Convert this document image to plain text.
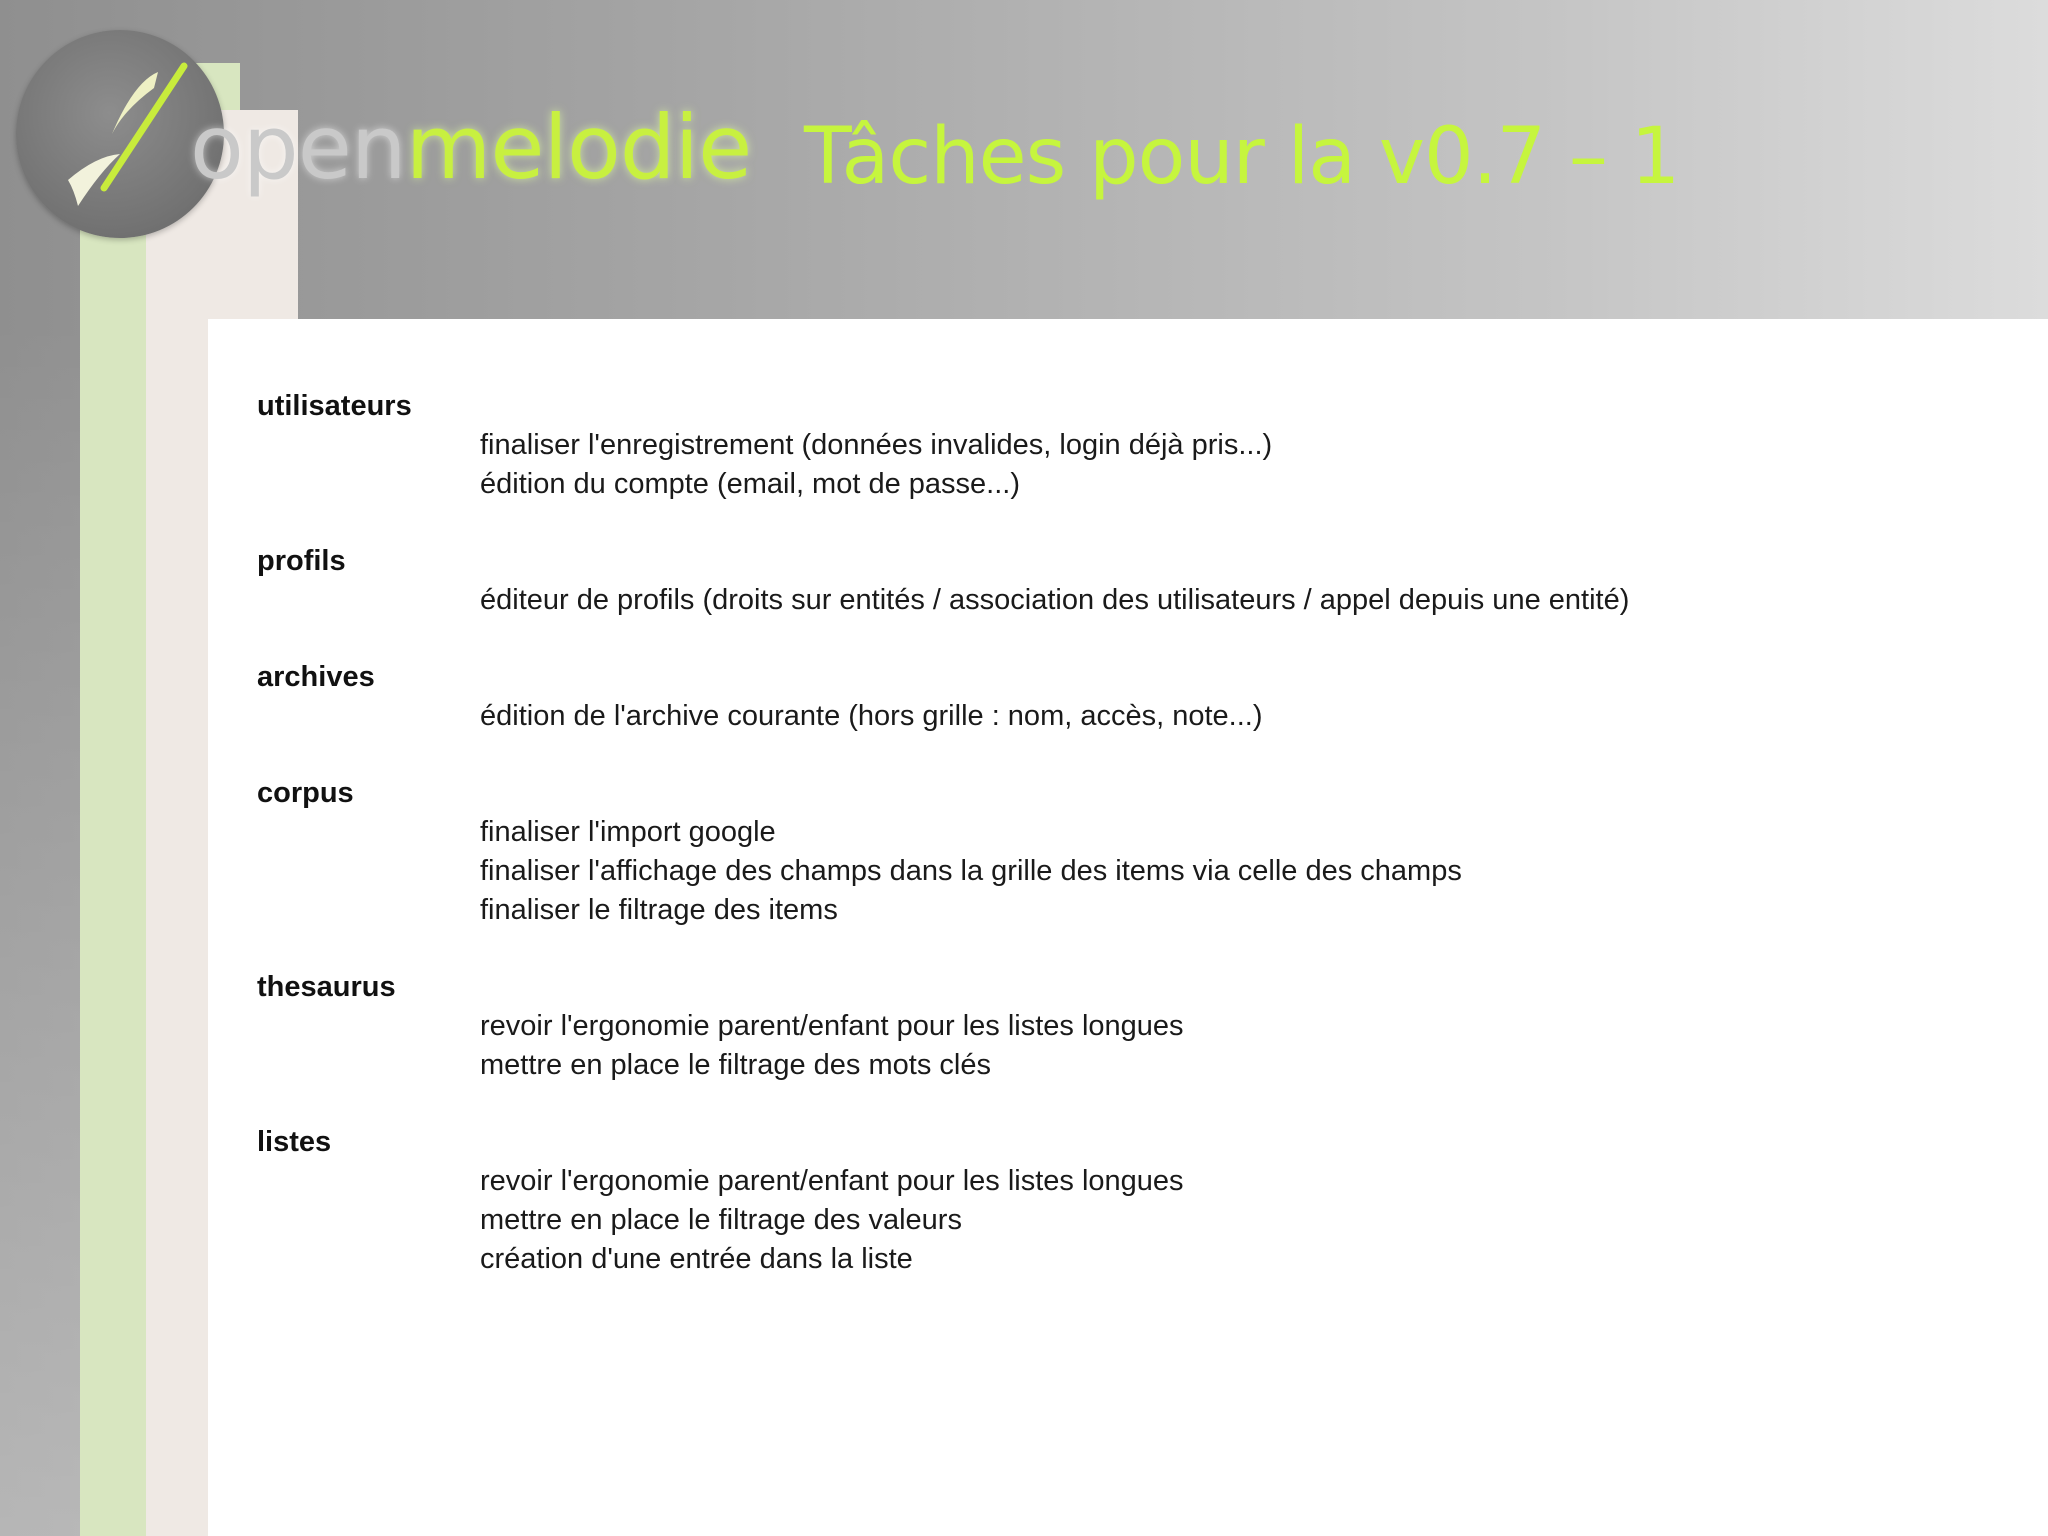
openmelodie Tâches pour la v0.7 – 1
utilisateurs
finaliser l'enregistrement (données invalides, login déjà pris...)
édition du compte (email, mot de passe...)
profils
éditeur de profils (droits sur entités / association des utilisateurs / appel depuis une entité)
archives
édition de l'archive courante (hors grille : nom, accès, note...)
corpus
finaliser l'import google
finaliser l'affichage des champs dans la grille des items via celle des champs
finaliser le filtrage des items
thesaurus
revoir l'ergonomie parent/enfant pour les listes longues
mettre en place le filtrage des mots clés
listes
revoir l'ergonomie parent/enfant pour les listes longues
mettre en place le filtrage des valeurs
création d'une entrée dans la liste
